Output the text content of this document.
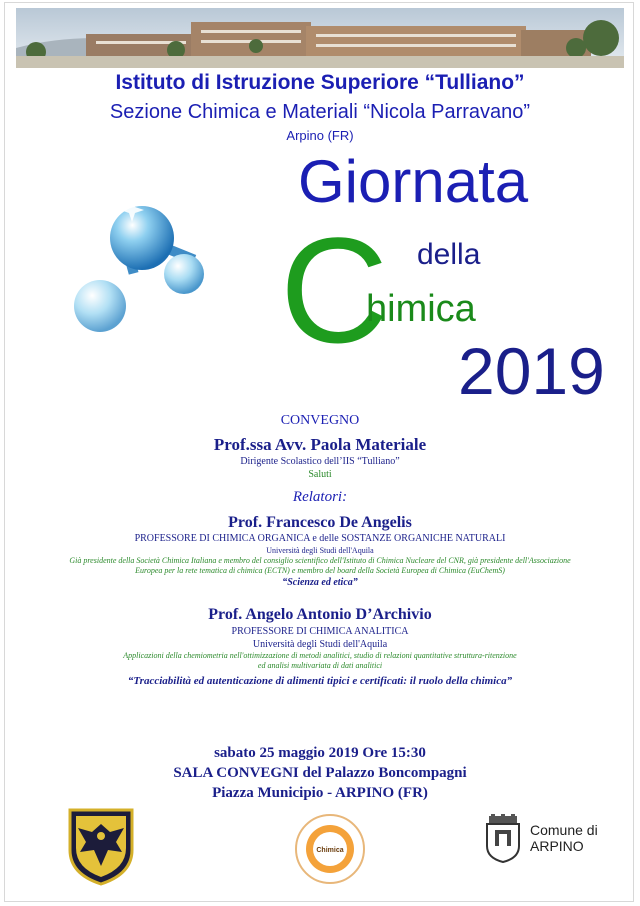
Istituto di Istruzione Superiore “Tulliano”
Sezione Chimica e Materiali “Nicola Parravano”
Arpino (FR)
Giornata
C della
himica
2019
CONVEGNO
Prof.ssa Avv. Paola Materiale
Dirigente Scolastico dell’IIS “Tulliano”
Saluti
Relatori:
Prof. Francesco De Angelis
PROFESSORE DI CHIMICA ORGANICA e delle SOSTANZE ORGANICHE NATURALI
Università degli Studi dell'Aquila
Già presidente della Società Chimica Italiana e membro del consiglio scientifico dell'Istituto di Chimica Nucleare del CNR, già presidente dell'Associazione
Europea per la rete tematica di chimica (ECTN) e membro del board della Società Europea di Chimica (EuChemS)
“Scienza ed etica”
Prof. Angelo Antonio D’Archivio
PROFESSORE DI CHIMICA ANALITICA
Università degli Studi dell'Aquila
Applicazioni della chemiometria nell'ottimizzazione di metodi analitici, studio di relazioni quantitative struttura-ritenzione
ed analisi multivariata di dati analitici
“Tracciabilità ed autenticazione di alimenti tipici e certificati: il ruolo della chimica”
sabato 25 maggio 2019 Ore 15:30
SALA CONVEGNI del Palazzo Boncompagni
Piazza Municipio - ARPINO (FR)
Chimica
Comune di
ARPINO
